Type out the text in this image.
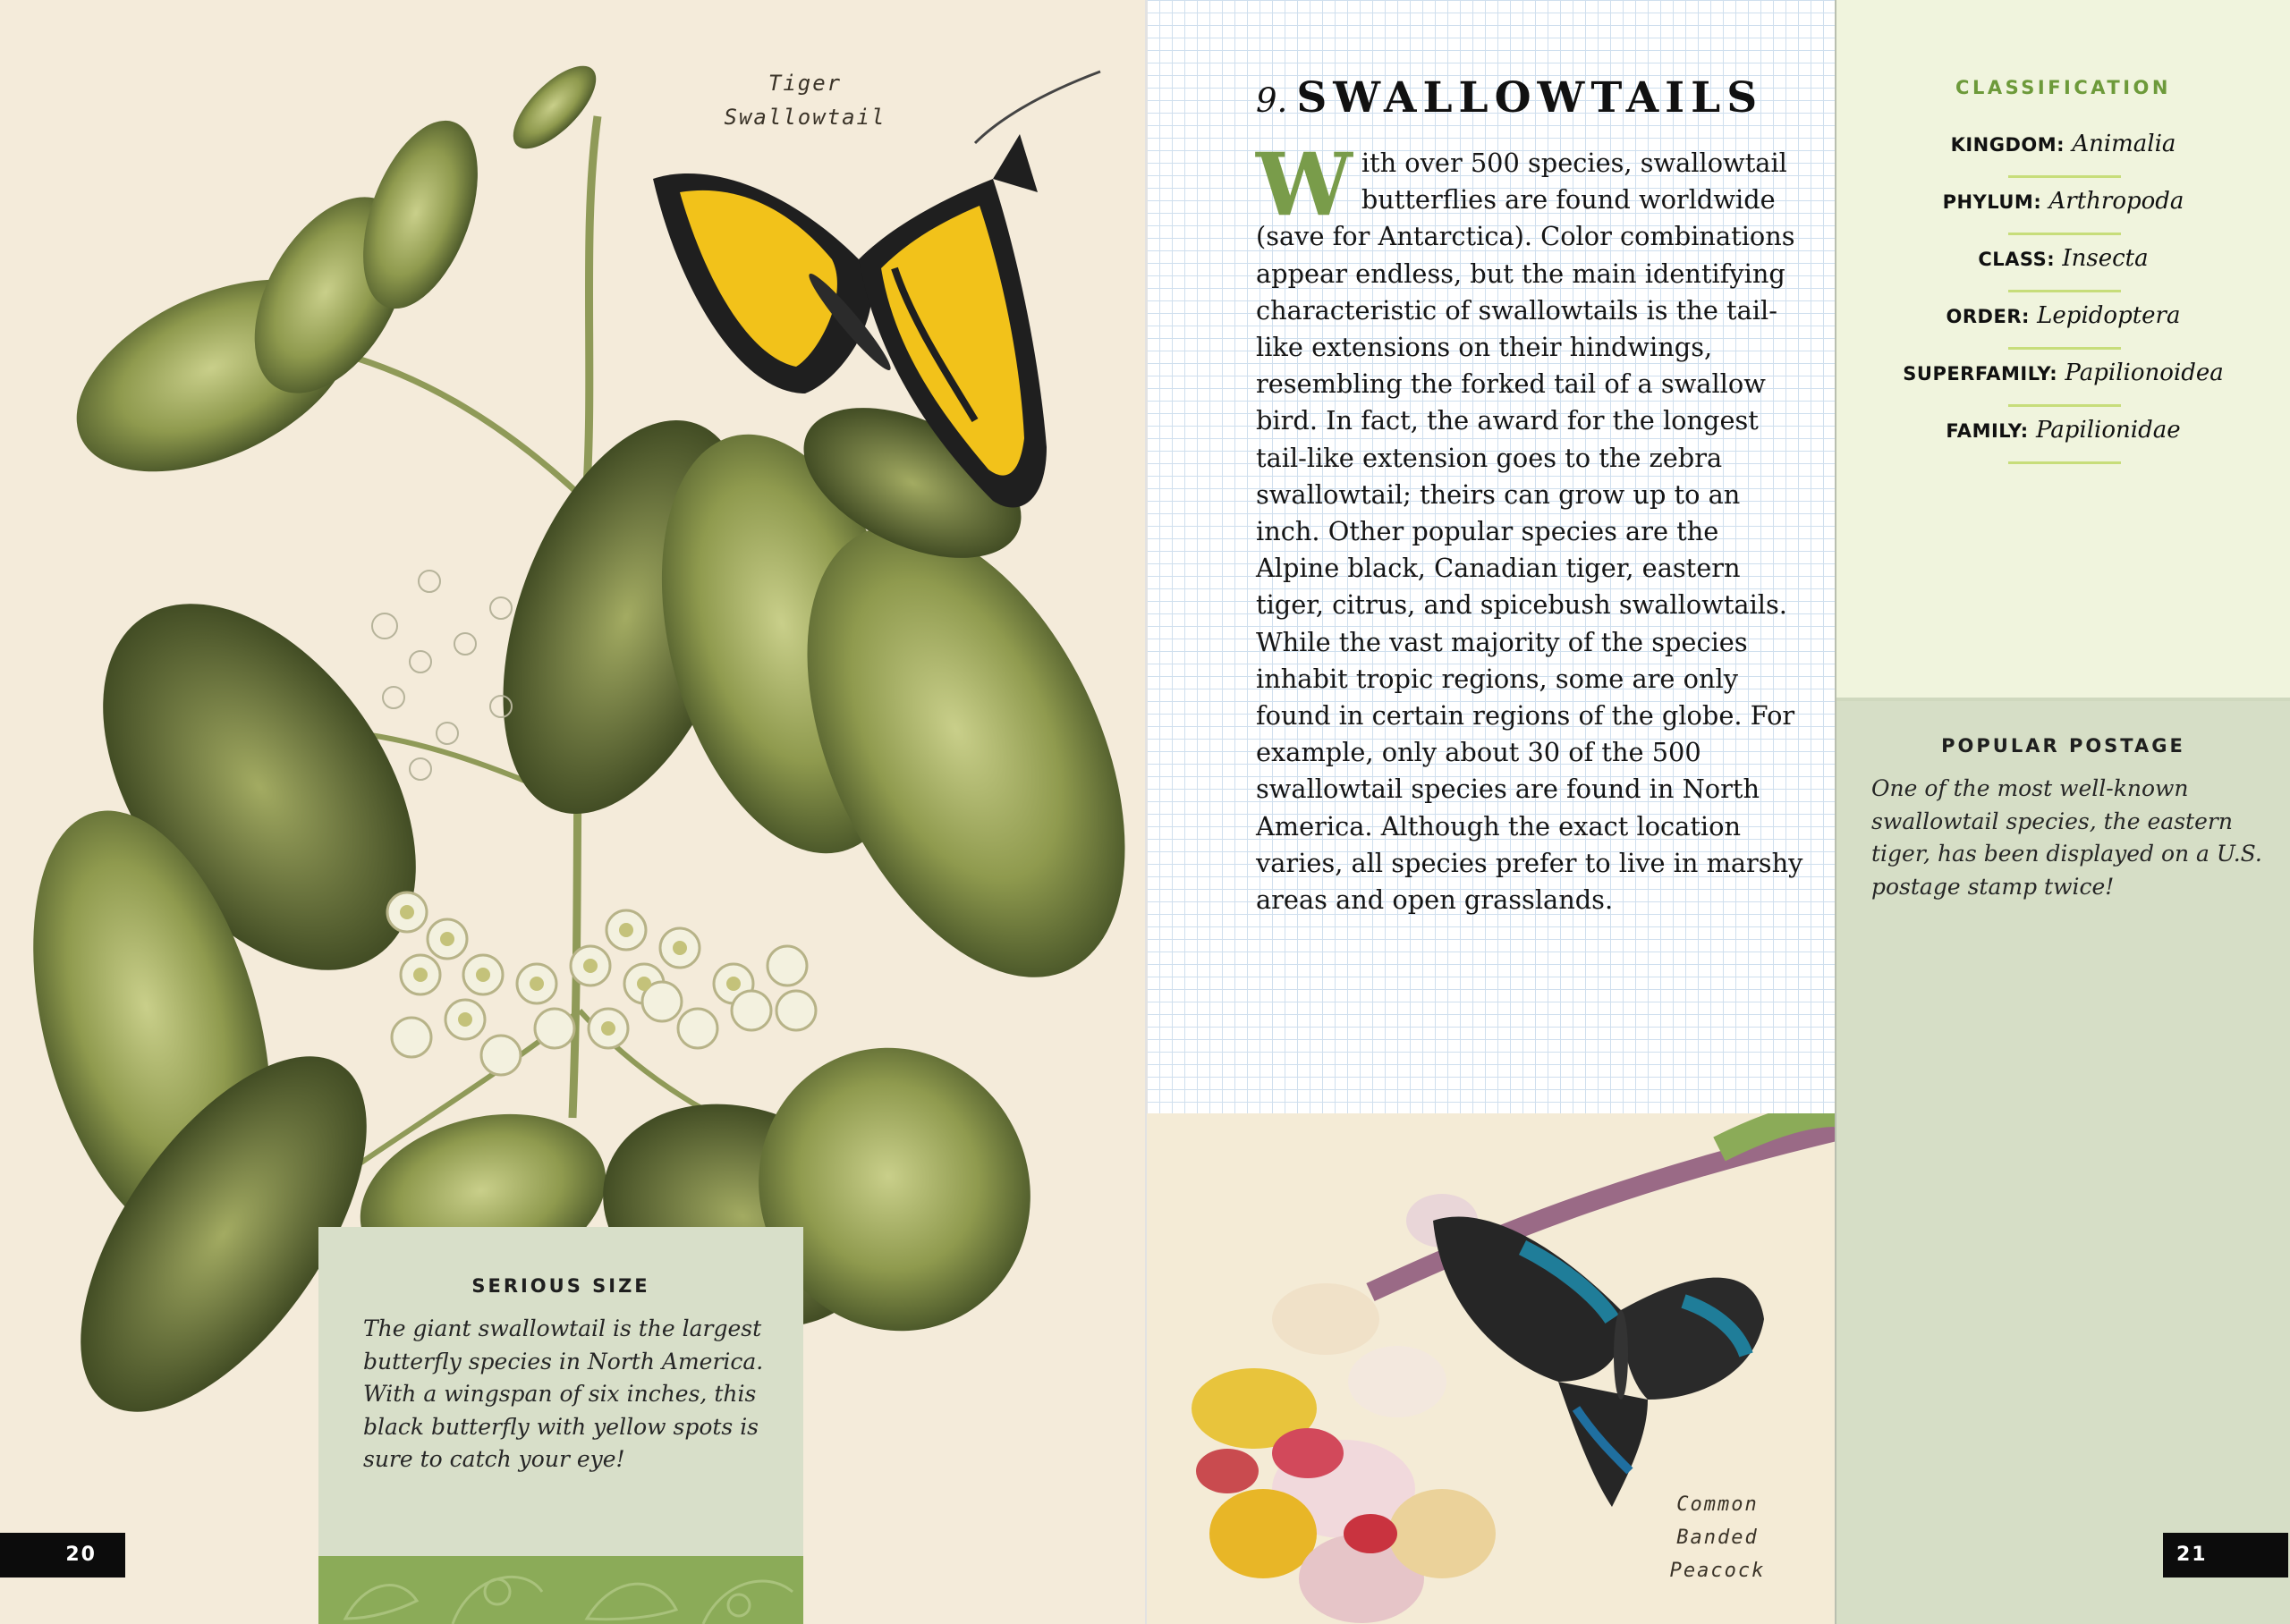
Tiger
Swallowtail
SERIOUS SIZE
The giant swallowtail is the largest butterfly species in North America. With a wingspan of six inches, this black butterfly with yellow spots is sure to catch your eye!
20
9. SWALLOWTAILS
With over 500 species, swallowtail butterflies are found worldwide (save for Antarctica). Color combinations appear endless, but the main identifying characteristic of swallowtails is the tail-like extensions on their hindwings, resembling the forked tail of a swallow bird. In fact, the award for the longest tail-like extension goes to the zebra swallowtail; theirs can grow up to an inch. Other popular species are the Alpine black, Canadian tiger, eastern tiger, citrus, and spicebush swallowtails. While the vast majority of the species inhabit tropic regions, some are only found in certain regions of the globe. For example, only about 30 of the 500 swallowtail species are found in North America. Although the exact location varies, all species prefer to live in marshy areas and open grasslands.
Common
Banded
Peacock
CLASSIFICATION
KINGDOM: Animalia
PHYLUM: Arthropoda
CLASS: Insecta
ORDER: Lepidoptera
SUPERFAMILY: Papilionoidea
FAMILY: Papilionidae
POPULAR POSTAGE
One of the most well-known swallowtail species, the eastern tiger, has been displayed on a U.S. postage stamp twice!
21
